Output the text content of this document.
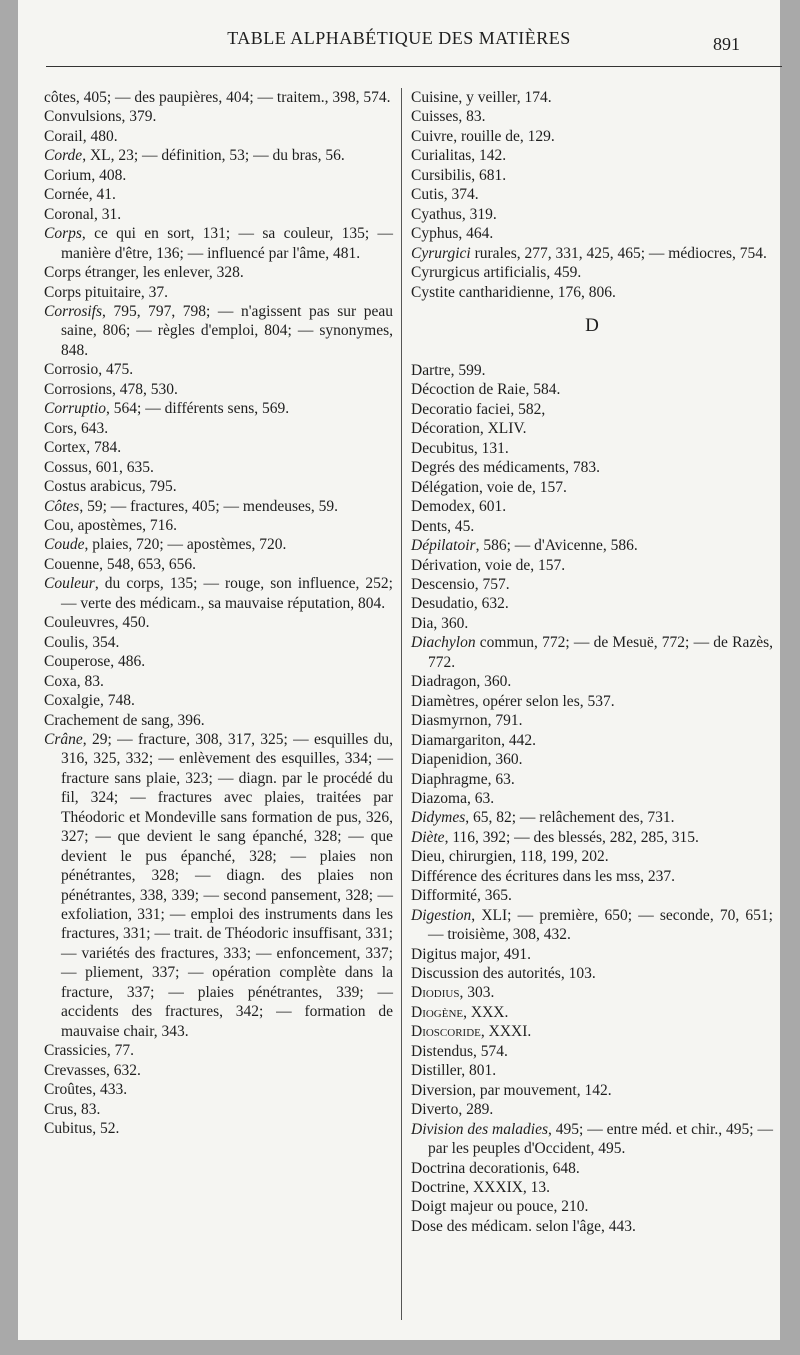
TABLE ALPHABÉTIQUE DES MATIÈRES	891
côtes, 405; — des paupières, 404; — traitem., 398, 574.
Convulsions, 379.
Corail, 480.
Corde, XL, 23; — définition, 53; — du bras, 56.
Corium, 408.
Cornée, 41.
Coronal, 31.
Corps, ce qui en sort, 131; — sa couleur, 135; — manière d'être, 136; — influencé par l'âme, 481.
Corps étranger, les enlever, 328.
Corps pituitaire, 37.
Corrosifs, 795, 797, 798; — n'agissent pas sur peau saine, 806; — règles d'emploi, 804; — synonymes, 848.
Corrosio, 475.
Corrosions, 478, 530.
Corruptio, 564; — différents sens, 569.
Cors, 643.
Cortex, 784.
Cossus, 601, 635.
Costus arabicus, 795.
Côtes, 59; — fractures, 405; — mendeuses, 59.
Cou, apostèmes, 716.
Coude, plaies, 720; — apostèmes, 720.
Couenne, 548, 653, 656.
Couleur, du corps, 135; — rouge, son influence, 252; — verte des médicam., sa mauvaise réputation, 804.
Couleuvres, 450.
Coulis, 354.
Couperose, 486.
Coxa, 83.
Coxalgie, 748.
Crachement de sang, 396.
Crâne, 29; — fracture, 308, 317, 325; — esquilles du, 316, 325, 332; — enlèvement des esquilles, 334; — fracture sans plaie, 323; — diagn. par le procédé du fil, 324; — fractures avec plaies, traitées par Théodoric et Mondeville sans formation de pus, 326, 327; — que devient le sang épanché, 328; — que devient le pus épanché, 328; — plaies non pénétrantes, 328; — diagn. des plaies non pénétrantes, 338, 339; — second pansement, 328; — exfoliation, 331; — emploi des instruments dans les fractures, 331; — trait. de Théodoric insuffisant, 331; — variétés des fractures, 333; — enfoncement, 337; — pliement, 337; — opération complète dans la fracture, 337; — plaies pénétrantes, 339; — accidents des fractures, 342; — formation de mauvaise chair, 343.
Crassicies, 77.
Crevasses, 632.
Croûtes, 433.
Crus, 83.
Cubitus, 52.
Cuisine, y veiller, 174.
Cuisses, 83.
Cuivre, rouille de, 129.
Curialitas, 142.
Cursibilis, 681.
Cutis, 374.
Cyathus, 319.
Cyphus, 464.
Cyrurgici rurales, 277, 331, 425, 465; — médiocres, 754.
Cyrurgicus artificialis, 459.
Cystite cantharidienne, 176, 806.
D
Dartre, 599.
Décoction de Raie, 584.
Decoratio faciei, 582,
Décoration, XLIV.
Decubitus, 131.
Degrés des médicaments, 783.
Délégation, voie de, 157.
Demodex, 601.
Dents, 45.
Dépilatoir, 586; — d'Avicenne, 586.
Dérivation, voie de, 157.
Descensio, 757.
Desudatio, 632.
Dia, 360.
Diachylon commun, 772; — de Mesuë, 772; — de Razès, 772.
Diadragon, 360.
Diamètres, opérer selon les, 537.
Diasmyrnon, 791.
Diamargariton, 442.
Diapenidion, 360.
Diaphragme, 63.
Diazoma, 63.
Didymes, 65, 82; — relâchement des, 731.
Diète, 116, 392; — des blessés, 282, 285, 315.
Dieu, chirurgien, 118, 199, 202.
Différence des écritures dans les mss, 237.
Difformité, 365.
Digestion, XLI; — première, 650; — seconde, 70, 651; — troisième, 308, 432.
Digitus major, 491.
Discussion des autorités, 103.
Diodius, 303.
Diogène, XXX.
Dioscoride, XXXI.
Distendus, 574.
Distiller, 801.
Diversion, par mouvement, 142.
Diverto, 289.
Division des maladies, 495; — entre méd. et chir., 495; — par les peuples d'Occident, 495.
Doctrina decorationis, 648.
Doctrine, XXXIX, 13.
Doigt majeur ou pouce, 210.
Dose des médicam. selon l'âge, 443.
